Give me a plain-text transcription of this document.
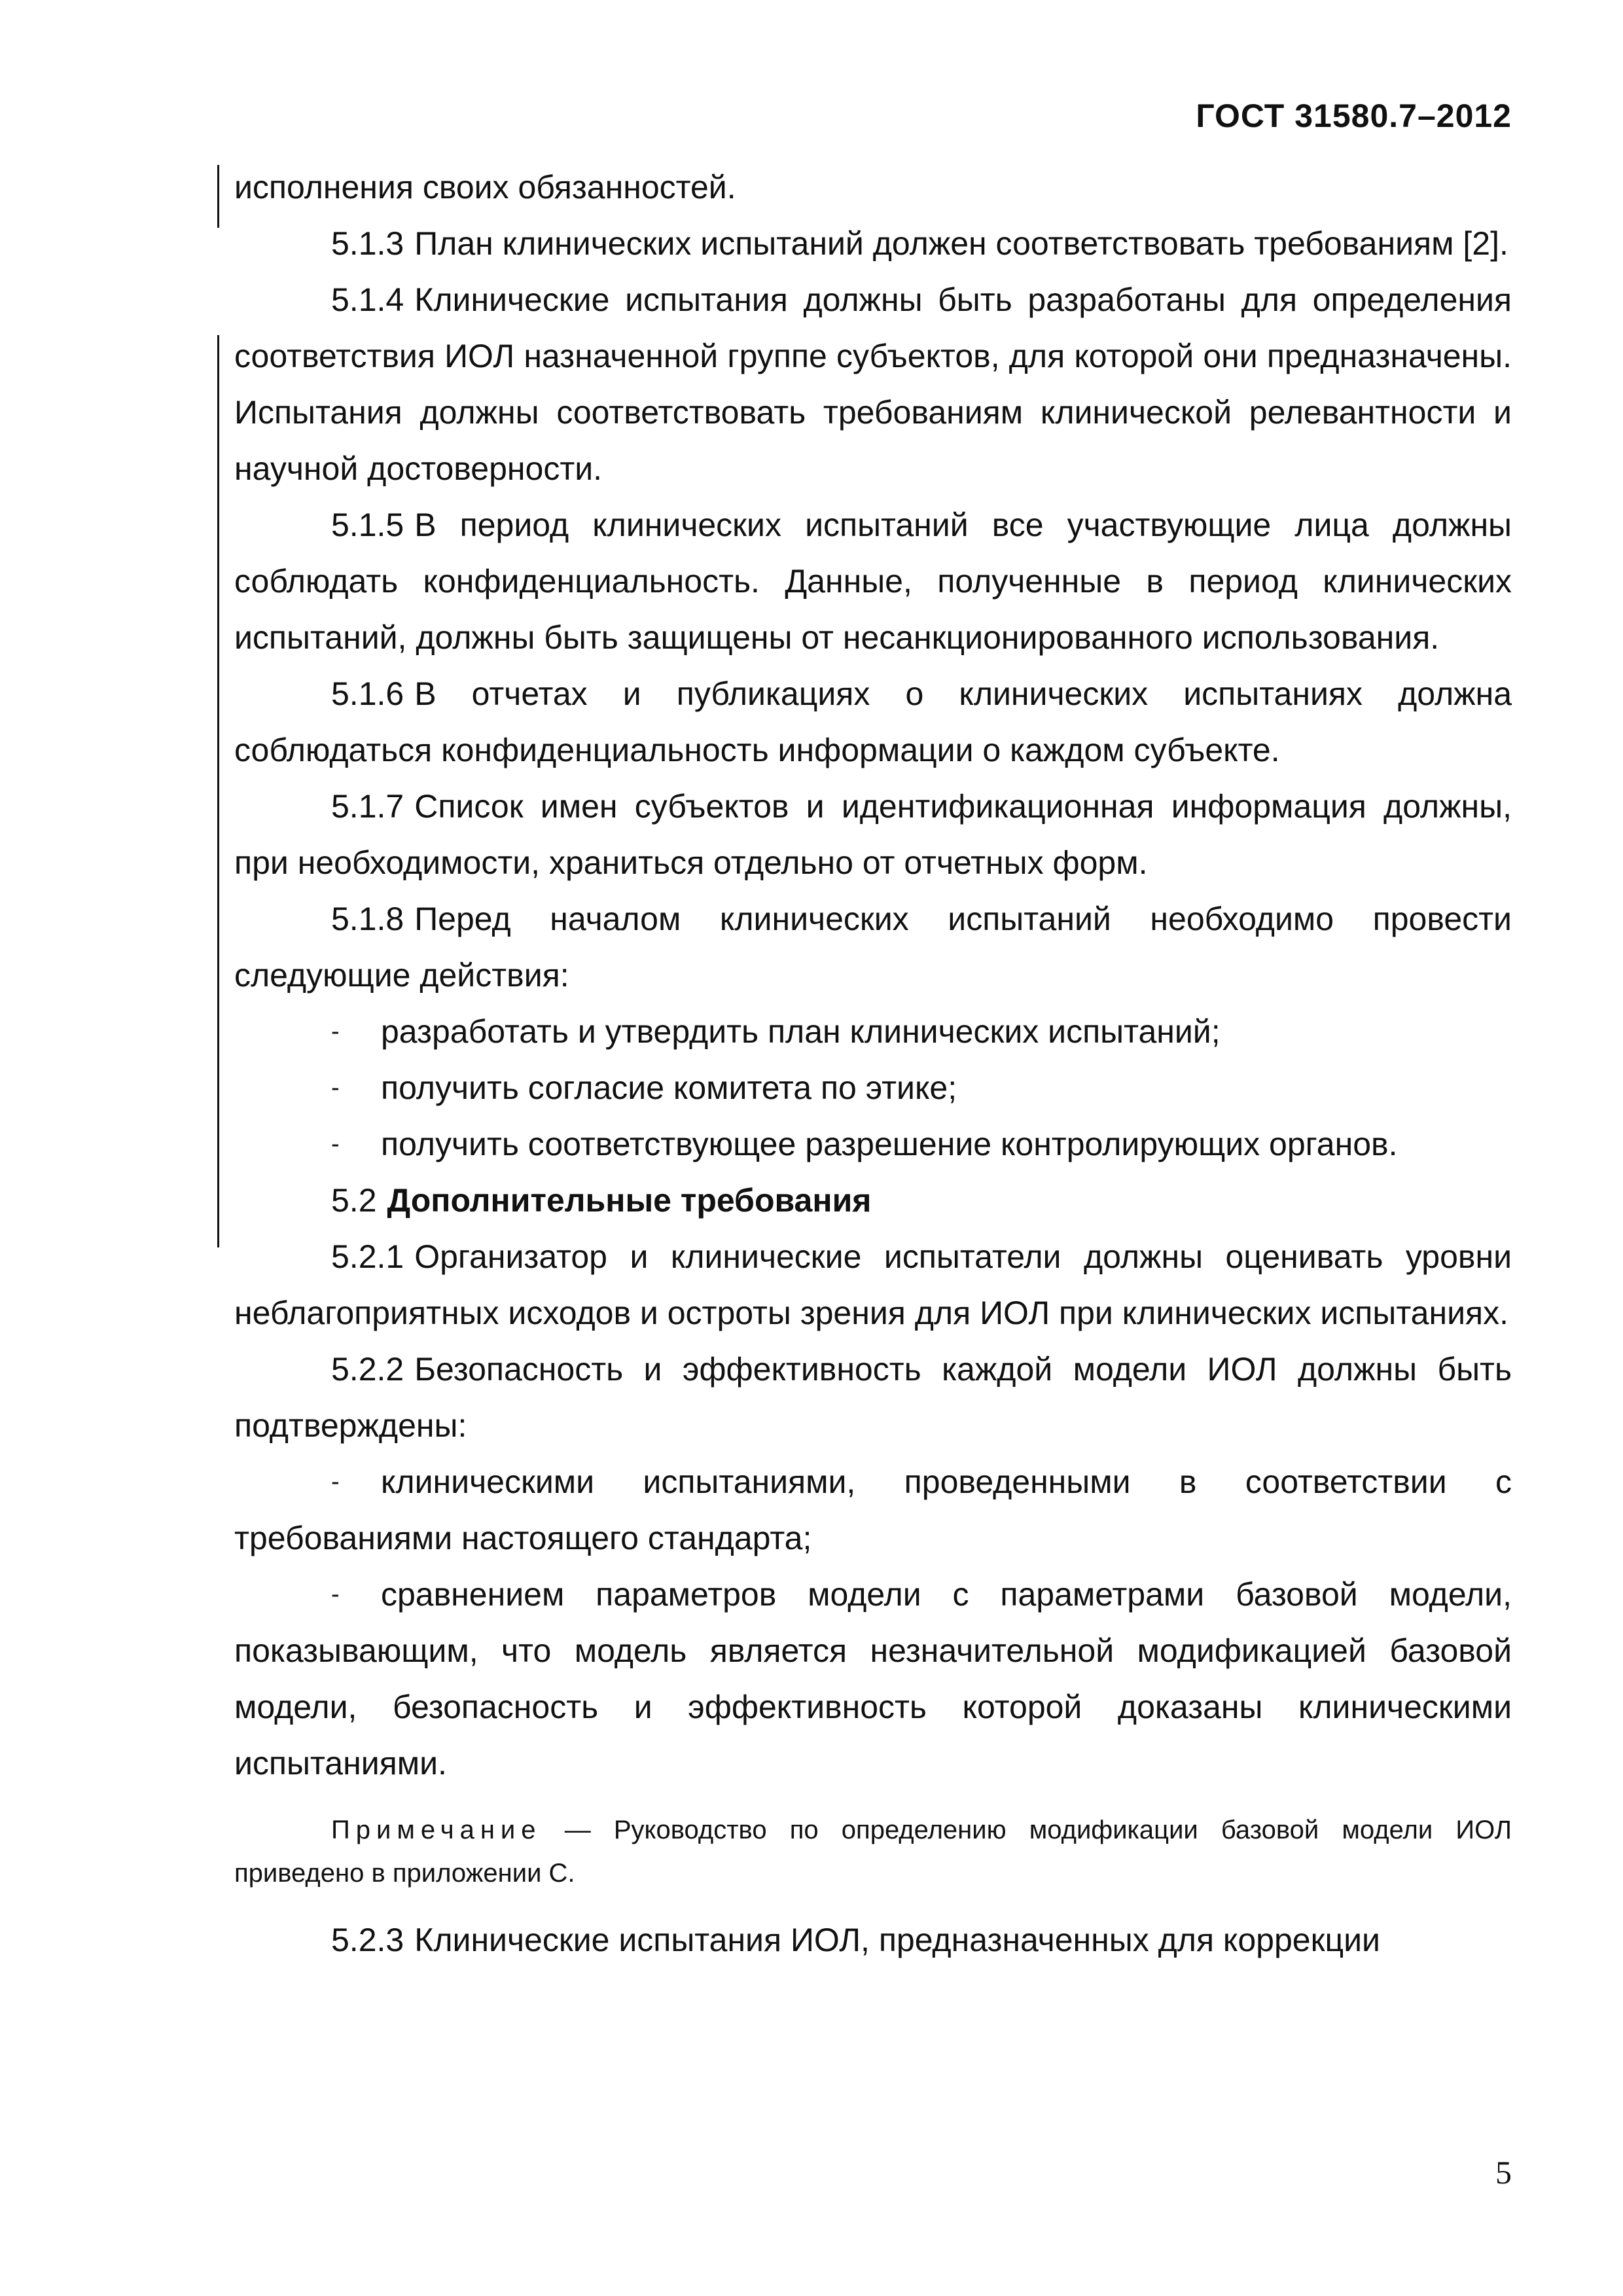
ГОСТ 31580.7–2012

исполнения своих обязанностей.

5.1.3 План клинических испытаний должен соответствовать требованиям [2].

5.1.4 Клинические испытания должны быть разработаны для определения соответствия ИОЛ назначенной группе субъектов, для которой они предназначены. Испытания должны соответствовать требованиям клинической релевантности и научной достоверности.

5.1.5 В период клинических испытаний все участвующие лица должны соблюдать конфиденциальность. Данные, полученные в период клинических испытаний, должны быть защищены от несанкционированного использования.

5.1.6 В отчетах и публикациях о клинических испытаниях должна соблюдаться конфиденциальность информации о каждом субъекте.

5.1.7 Список имен субъектов и идентификационная информация должны, при необходимости, храниться отдельно от отчетных форм.

5.1.8 Перед началом клинических испытаний необходимо провести следующие действия:

- разработать и утвердить план клинических испытаний;

- получить согласие комитета по этике;

- получить соответствующее разрешение контролирующих органов.

5.2 Дополнительные требования

5.2.1 Организатор и клинические испытатели должны оценивать уровни неблагоприятных исходов и остроты зрения для ИОЛ при клинических испытаниях.

5.2.2 Безопасность и эффективность каждой модели ИОЛ должны быть подтверждены:

- клиническими испытаниями, проведенными в соответствии с требованиями настоящего стандарта;

- сравнением параметров модели с параметрами базовой модели, показывающим, что модель является незначительной модификацией базовой модели, безопасность и эффективность которой доказаны клиническими испытаниями.

Примечание — Руководство по определению модификации базовой модели ИОЛ приведено в приложении С.

5.2.3 Клинические испытания ИОЛ, предназначенных для коррекции

5
